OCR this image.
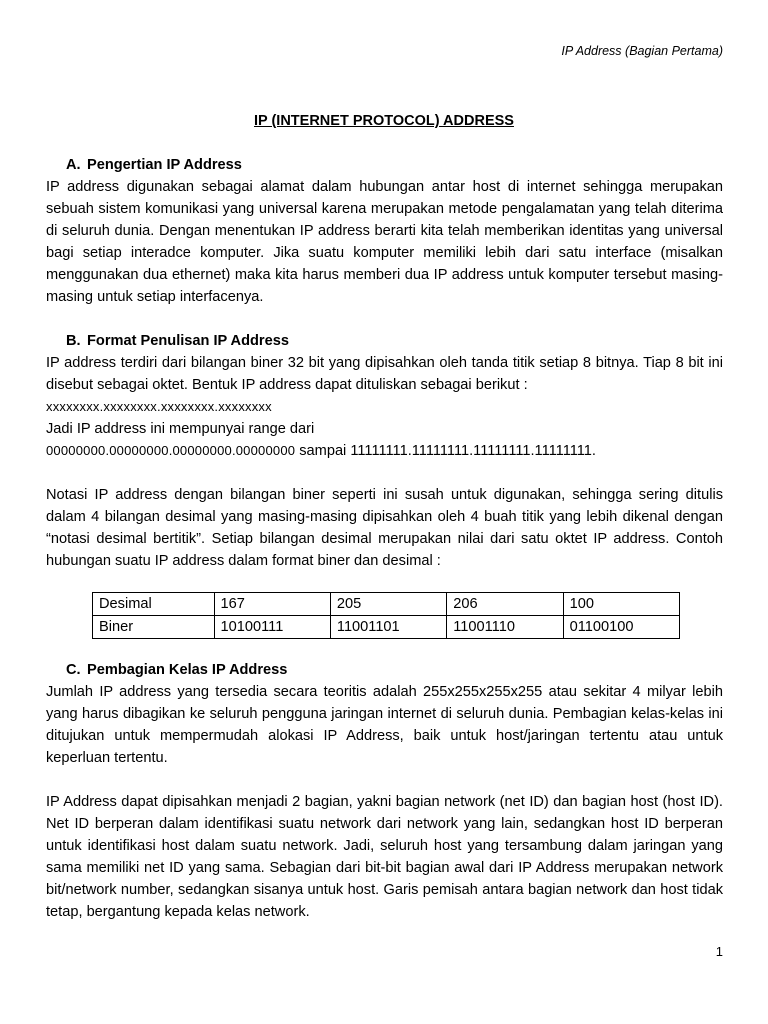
IP Address (Bagian Pertama)
IP (INTERNET PROTOCOL) ADDRESS
A. Pengertian IP Address

IP address digunakan sebagai alamat dalam hubungan antar host di internet sehingga merupakan sebuah sistem komunikasi yang universal karena merupakan metode pengalamatan yang telah diterima di seluruh dunia. Dengan menentukan IP address berarti kita telah memberikan identitas yang universal bagi setiap interadce komputer. Jika suatu komputer memiliki lebih dari satu interface (misalkan menggunakan dua ethernet) maka kita harus memberi dua IP address untuk komputer tersebut masing-masing untuk setiap interfacenya.

B. Format Penulisan IP Address

IP address terdiri dari bilangan biner 32 bit yang dipisahkan oleh tanda titik setiap 8 bitnya. Tiap 8 bit ini disebut sebagai oktet. Bentuk IP address dapat dituliskan sebagai berikut :

xxxxxxxx.xxxxxxxx.xxxxxxxx.xxxxxxxx

Jadi IP address ini mempunyai range dari

00000000.00000000.00000000.00000000 sampai 11111111.11111111.11111111.11111111.

Notasi IP address dengan bilangan biner seperti ini susah untuk digunakan, sehingga sering ditulis dalam 4 bilangan desimal yang masing-masing dipisahkan oleh 4 buah titik yang lebih dikenal dengan “notasi desimal bertitik”. Setiap bilangan desimal merupakan nilai dari satu oktet IP address. Contoh hubungan suatu IP address dalam format biner dan desimal :

Desimal	167	205	206	100
Biner	10100111	11001101	11001110	01100100
C. Pembagian Kelas IP Address

Jumlah IP address yang tersedia secara teoritis adalah 255x255x255x255 atau sekitar 4 milyar lebih yang harus dibagikan ke seluruh pengguna jaringan internet di seluruh dunia. Pembagian kelas-kelas ini ditujukan untuk mempermudah alokasi IP Address, baik untuk host/jaringan tertentu atau untuk keperluan tertentu.

IP Address dapat dipisahkan menjadi 2 bagian, yakni bagian network (net ID) dan bagian host (host ID). Net ID berperan dalam identifikasi suatu network dari network yang lain, sedangkan host ID berperan untuk identifikasi host dalam suatu network. Jadi, seluruh host yang tersambung dalam jaringan yang sama memiliki net ID yang sama. Sebagian dari bit-bit bagian awal dari IP Address merupakan network bit/network number, sedangkan sisanya untuk host. Garis pemisah antara bagian network dan host tidak tetap, bergantung kepada kelas network.

1
